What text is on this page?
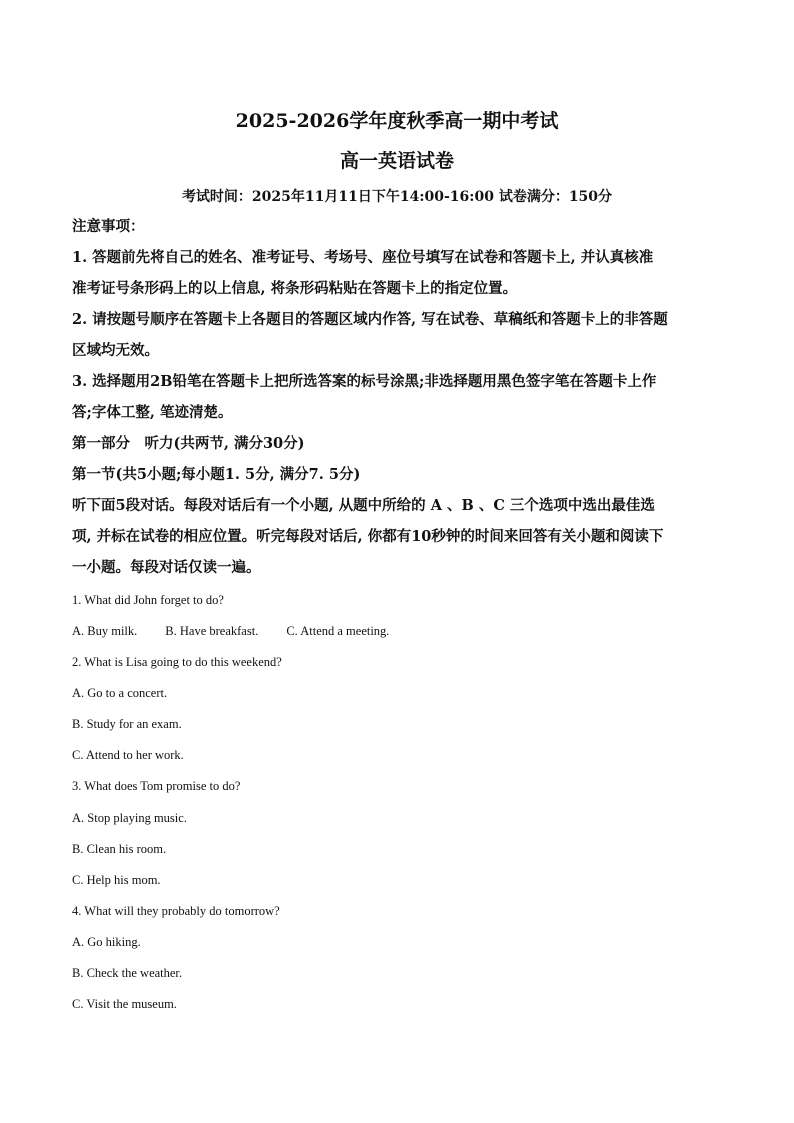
2025-2026学年度秋季高一期中考试
高一英语试卷
考试时间：2025年11月11日下午14:00-16:00 试卷满分：150分
注意事项：
1. 答题前先将自己的姓名、准考证号、考场号、座位号填写在试卷和答题卡上, 并认真核准
准考证号条形码上的以上信息, 将条形码粘贴在答题卡上的指定位置。
2. 请按题号顺序在答题卡上各题目的答题区域内作答, 写在试卷、草稿纸和答题卡上的非答题
区域均无效。
3. 选择题用2B铅笔在答题卡上把所选答案的标号涂黑;非选择题用黑色签字笔在答题卡上作
答;字体工整, 笔迹清楚。
第一部分　听力(共两节, 满分30分)
第一节(共5小题;每小题1. 5分, 满分7. 5分)
听下面5段对话。每段对话后有一个小题, 从题中所给的 A 、B 、C 三个选项中选出最佳选
项, 并标在试卷的相应位置。听完每段对话后, 你都有10秒钟的时间来回答有关小题和阅读下
一小题。每段对话仅读一遍。
1. What did John forget to do?
A. Buy milk. B. Have breakfast. C. Attend a meeting.
2. What is Lisa going to do this weekend?
A. Go to a concert.
B. Study for an exam.
C. Attend to her work.
3. What does Tom promise to do?
A. Stop playing music.
B. Clean his room.
C. Help his mom.
4. What will they probably do tomorrow?
A. Go hiking.
B. Check the weather.
C. Visit the museum.
